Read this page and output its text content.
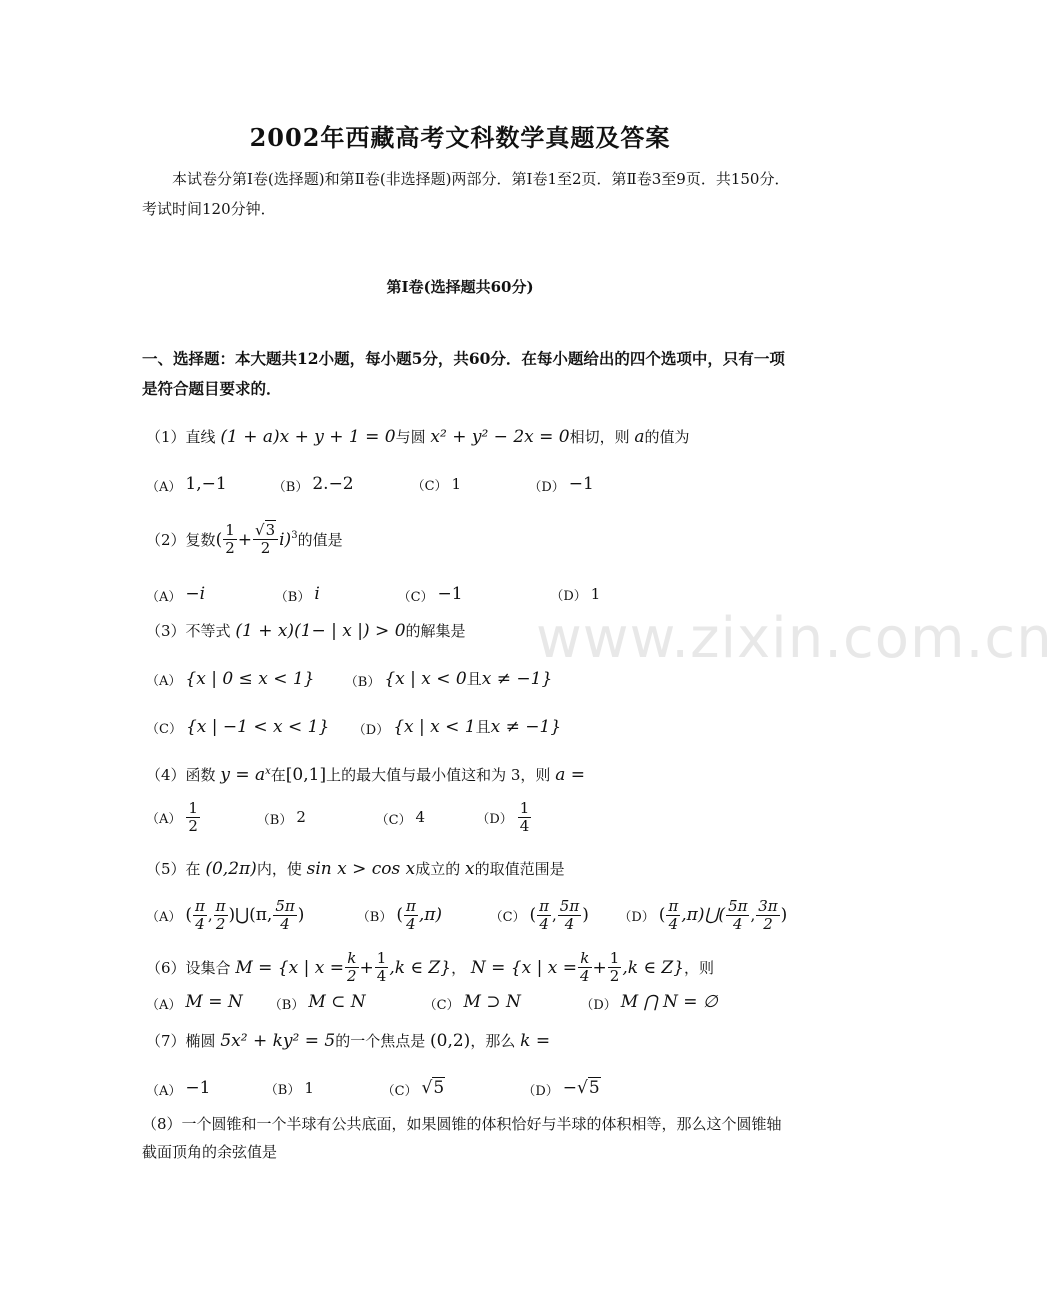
2002年西藏高考文科数学真题及答案

本试卷分第Ⅰ卷(选择题)和第Ⅱ卷(非选择题)两部分．第Ⅰ卷1至2页．第Ⅱ卷3至9页．共150分．考试时间120分钟．

第Ⅰ卷(选择题共60分)
一、选择题：本大题共12小题，每小题5分，共60分．在每小题给出的四个选项中，只有一项是符合题目要求的．
www.zixin.com.cn
（1）直线 (1 + a)x + y + 1 = 0与圆 x² + y² − 2x = 0相切，则 a的值为
（A） 1,−1	（B） 2.−2	（C） 1	（D） −1
（2）复数( $\frac{1}{2} + \frac{√3}{2} i)^3$的值是
（A） −i	（B） i	（C） −1	（D） 1
（3）不等式 (1 + x)(1− | x |) > 0的解集是
（A） {x | 0 ≤ x < 1} （B） {x | x < 0且x ≠ −1}
（C） {x | −1 < x < 1} （D） {x | x < 1且x ≠ −1}
（4）函数 $y = a^x$在[0,1]上的最大值与最小值这和为 3，则 a =
$(A) \frac{1}{2}$	（B） 2	（C） 4	$(D) \frac{1}{4}$
（5）在 (0,2π)内，使 sin x > cos x成立的 x的取值范围是
（A） ( $\frac{\pi}{4}$ , $\frac{\pi}{2}$ )⋃(π, $\frac{5\pi}{4}$ )	（B） ( $\frac{\pi}{4} ,\pi$)	（C） ( $\frac{\pi}{4}$ , $\frac{5\pi}{4}$ ) （D） ( $\frac{\pi}{4}$ ,π)⋃( $\frac{5\pi}{4}$ , $\frac{3\pi}{2}$ )
（6）设集合 M = {x | $x = \frac{k}{2} + \frac{1}{4} ,k$ ∈ Z}， N = {x | $x = \frac{k}{4} + \frac{1}{2} ,k$ ∈ Z}，则
（A） M = N （B） M ⊂ N	（C） M ⊃ N	（D） M ⋂ N = ∅
（7）椭圆 5x² + ky² = 5的一个焦点是 (0,2)，那么 k =
（A） −1	（B） 1	（C） √5	（D） −√5
（8）一个圆锥和一个半球有公共底面，如果圆锥的体积恰好与半球的体积相等，那么这个圆锥轴截面顶角的余弦值是
